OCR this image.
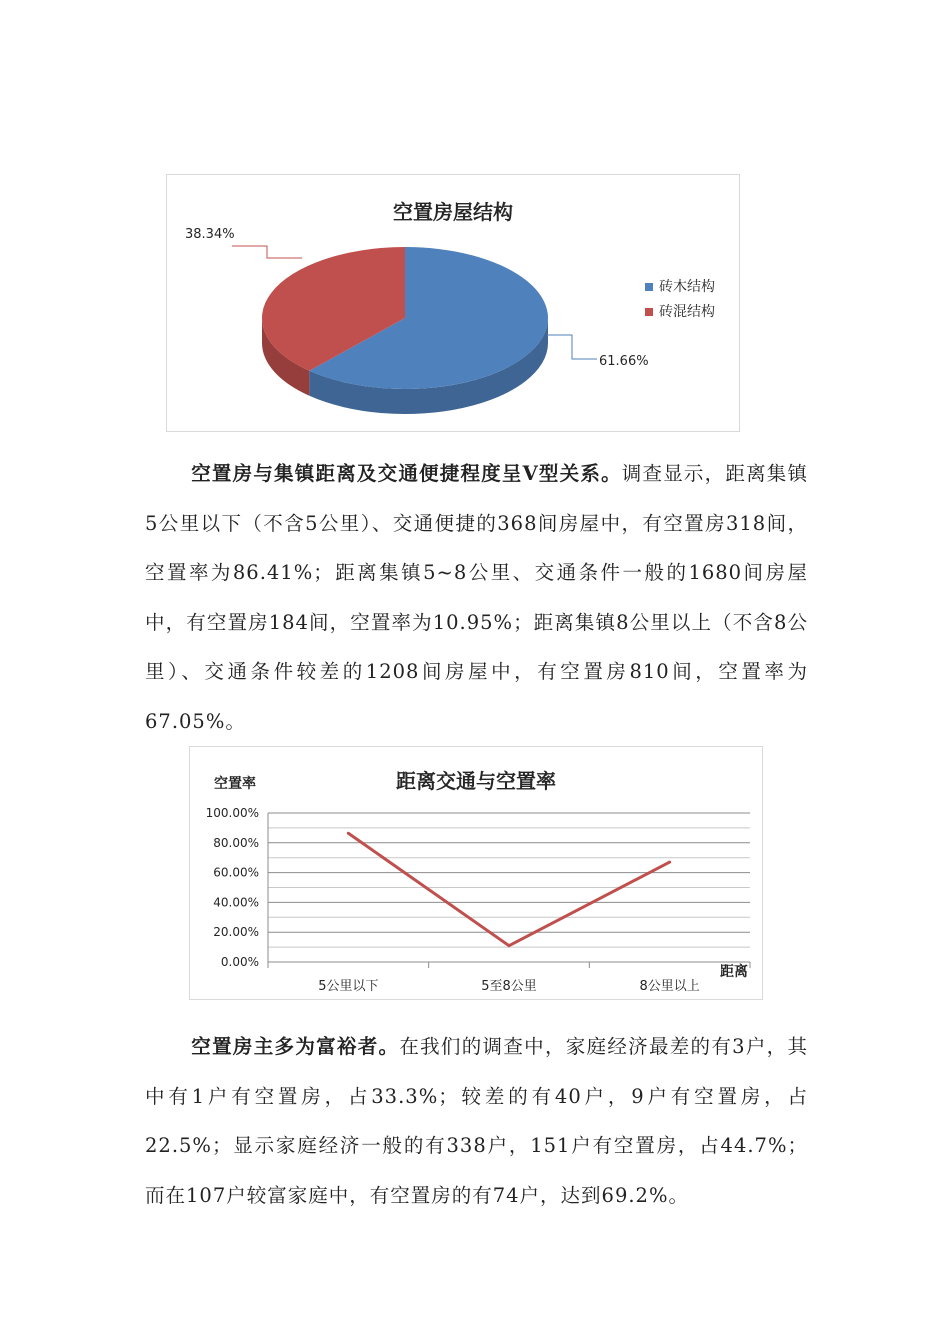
空置房屋结构
61.66%
38.34%
砖木结构
砖混结构
空置房与集镇距离及交通便捷程度呈V型关系。调查显示，距离集镇5公里以下（不含5公里）、交通便捷的368间房屋中，有空置房318间，空置率为86.41%；距离集镇5~8公里、交通条件一般的1680间房屋中，有空置房184间，空置率为10.95%；距离集镇8公里以上（不含8公里）、交通条件较差的1208间房屋中，有空置房810间，空置率为67.05%。
0.00%
20.00%
40.00%
60.00%
80.00%
100.00%
5公里以下	5至8公里	8公里以上
距离交通与空置率
空置率
距离
空置房主多为富裕者。在我们的调查中，家庭经济最差的有3户，其中有1户有空置房，占33.3%；较差的有40户，9户有空置房，占22.5%；显示家庭经济一般的有338户，151户有空置房，占44.7%；而在107户较富家庭中，有空置房的有74户，达到69.2%。
